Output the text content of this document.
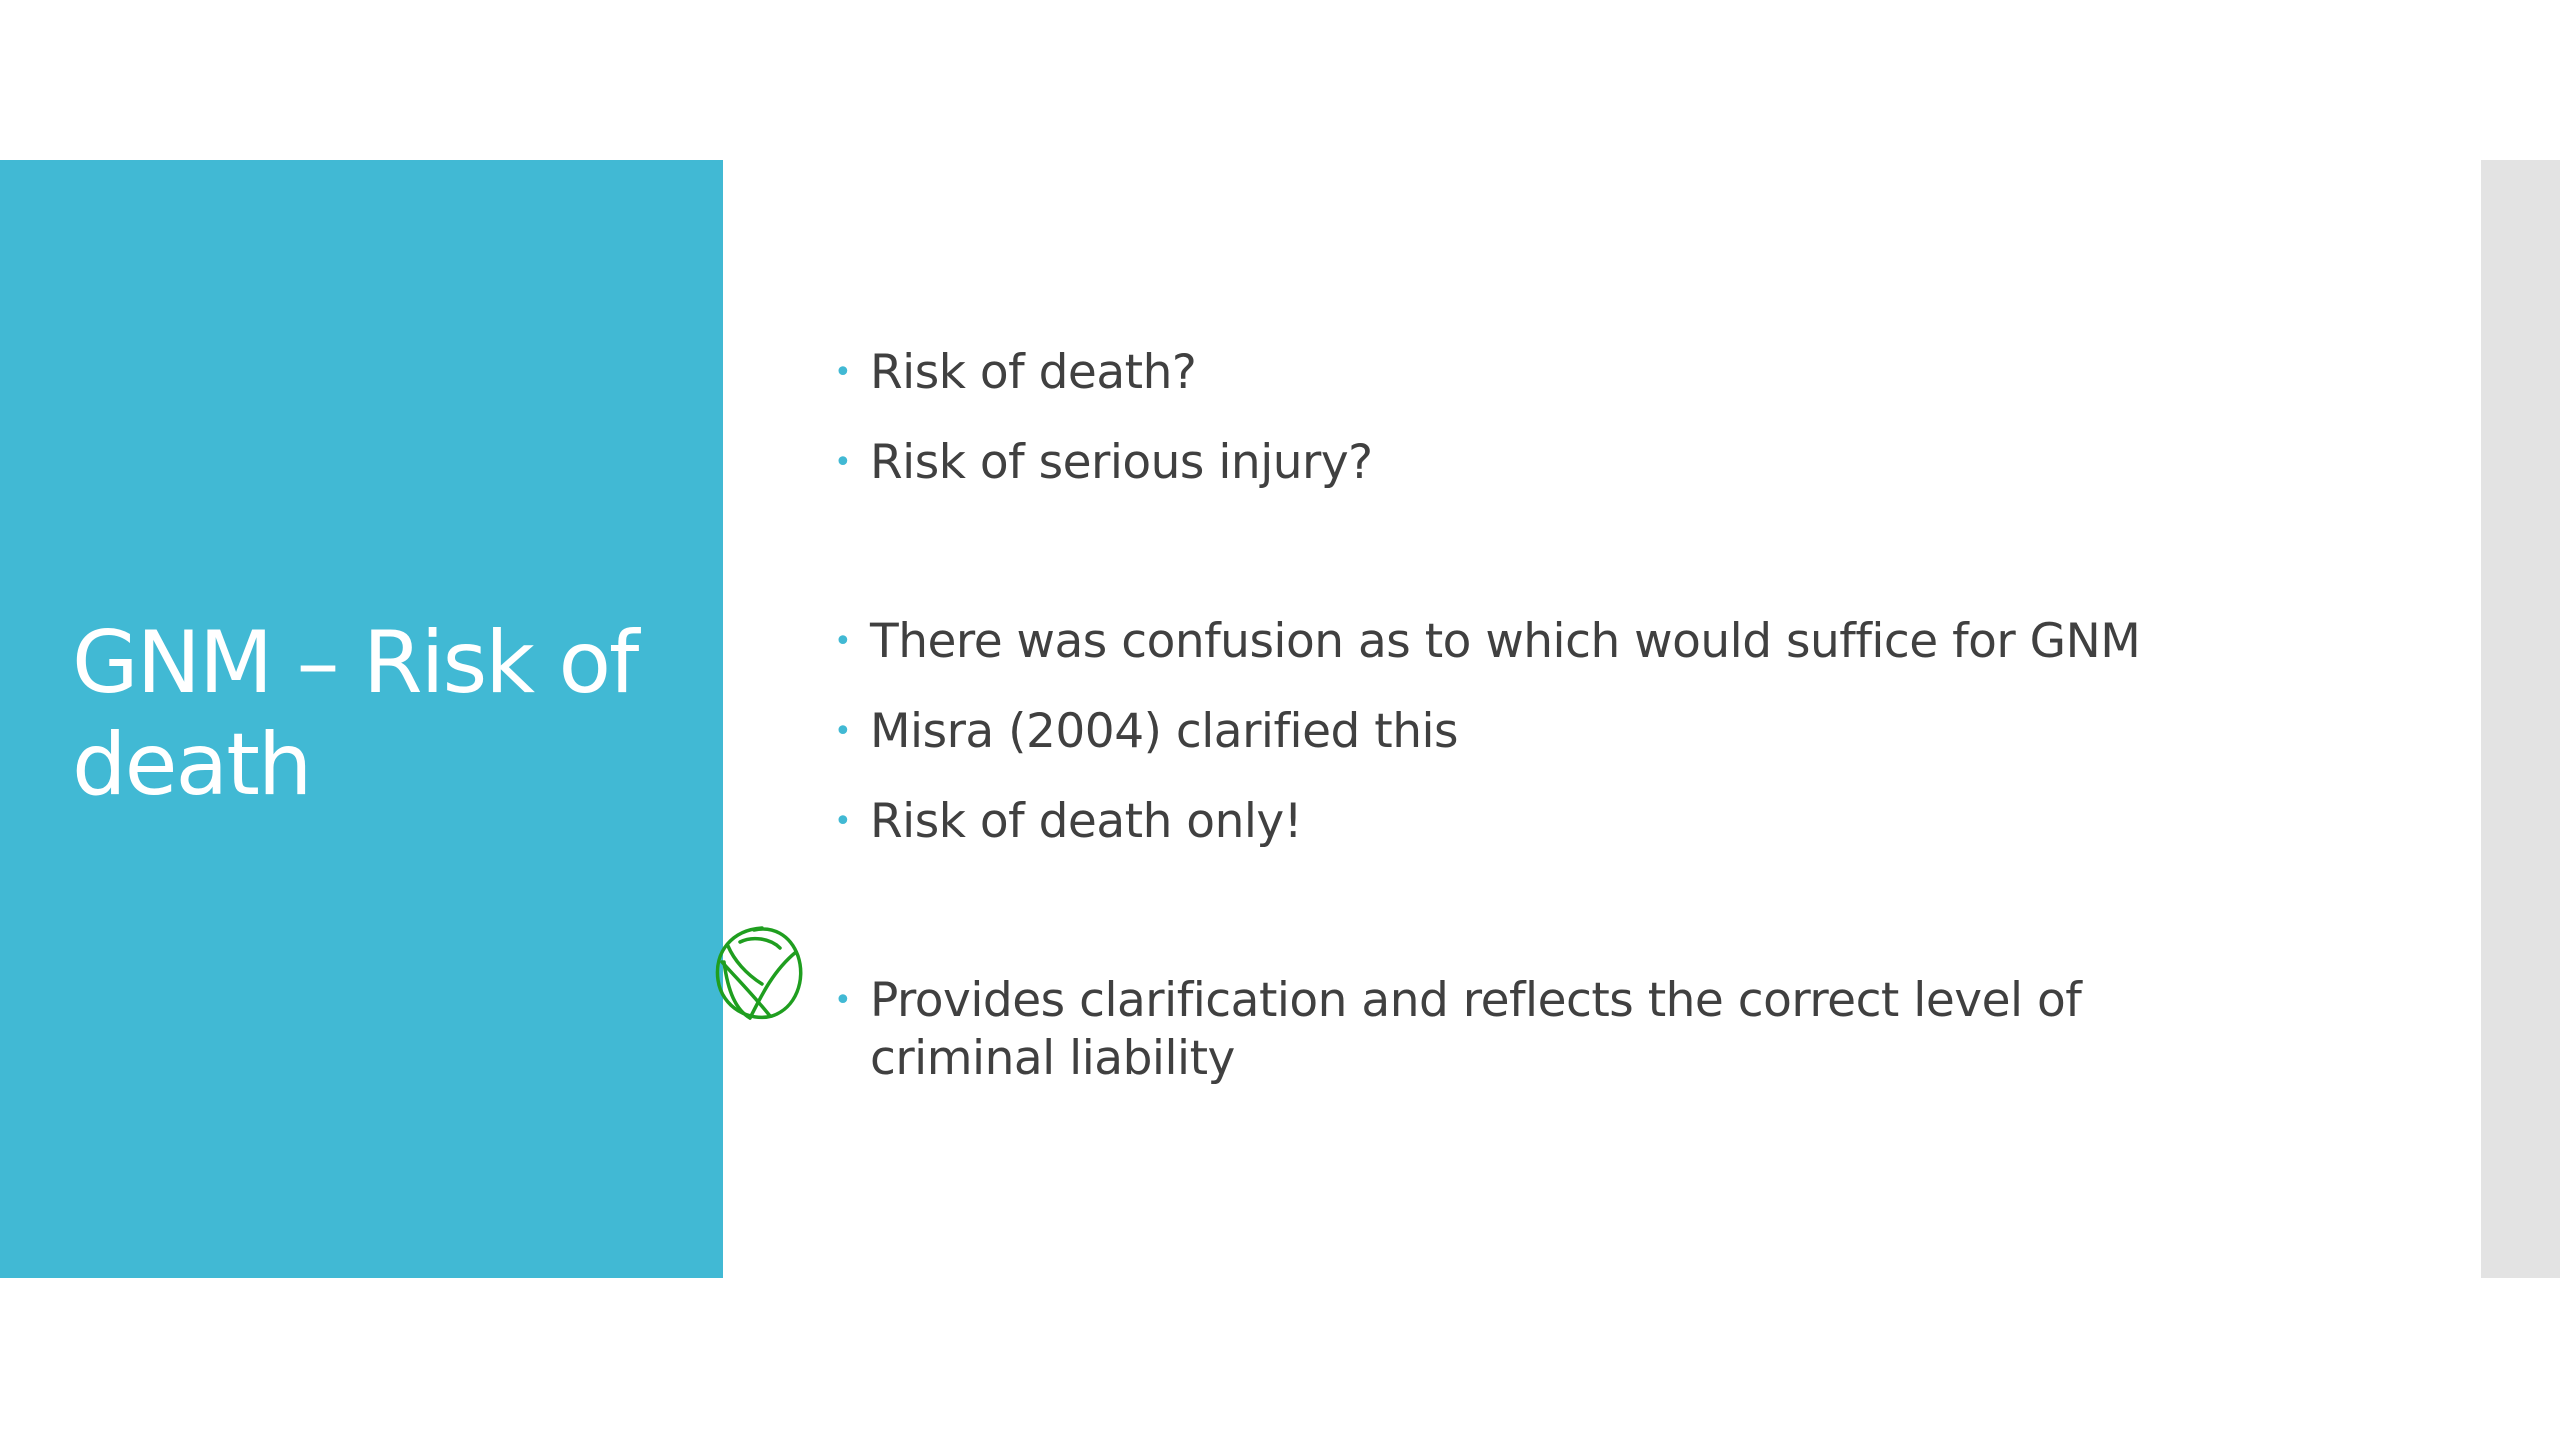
GNM – Risk of death
• Risk of death?
• Risk of serious injury?
• There was confusion as to which would suffice for GNM
• Misra (2004) clarified this
• Risk of death only!
• Provides clarification and reflects the correct level of criminal liability
